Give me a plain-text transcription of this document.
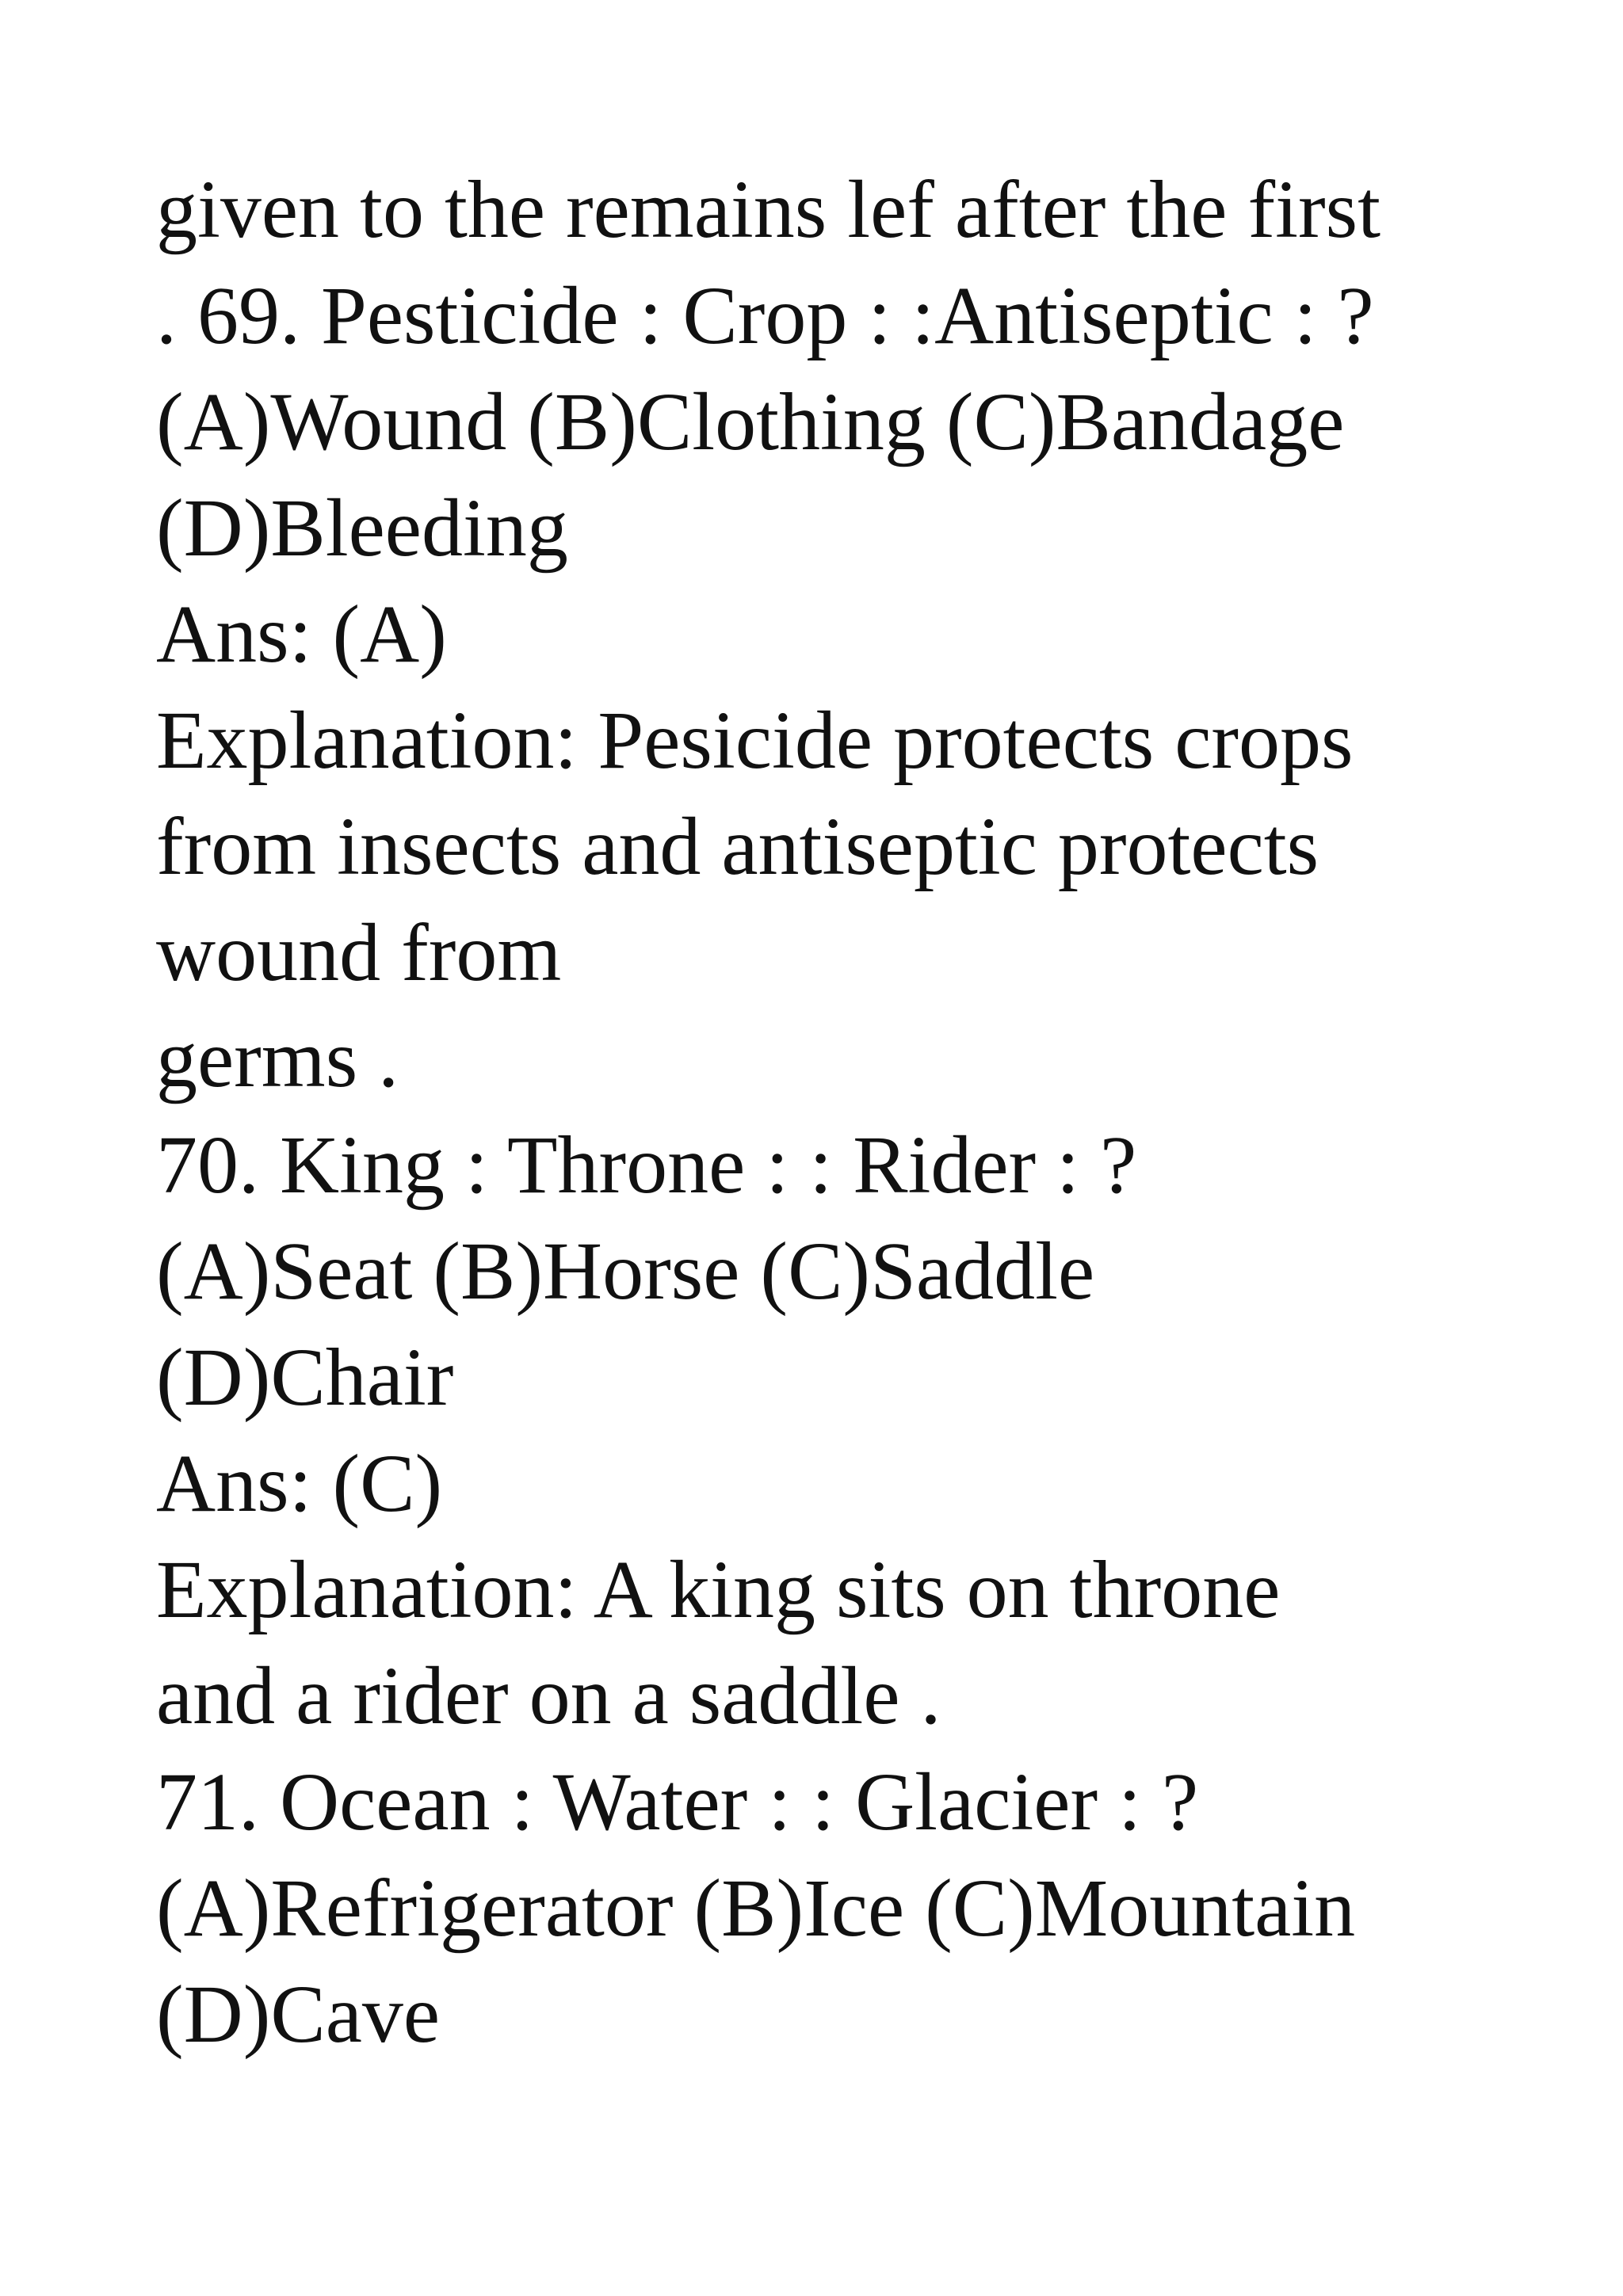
given to the remains lef after the first
. 69. Pesticide : Crop : :Antiseptic : ?
(A)Wound (B)Clothing (C)Bandage
(D)Bleeding
Ans: (A)
Explanation: Pesicide protects crops
from insects and antiseptic protects
wound from
germs .
70. King : Throne : : Rider : ?
(A)Seat (B)Horse (C)Saddle
(D)Chair
Ans: (C)
Explanation: A king sits on throne
and a rider on a saddle .
71. Ocean : Water : : Glacier : ?
(A)Refrigerator (B)Ice (C)Mountain
(D)Cave
